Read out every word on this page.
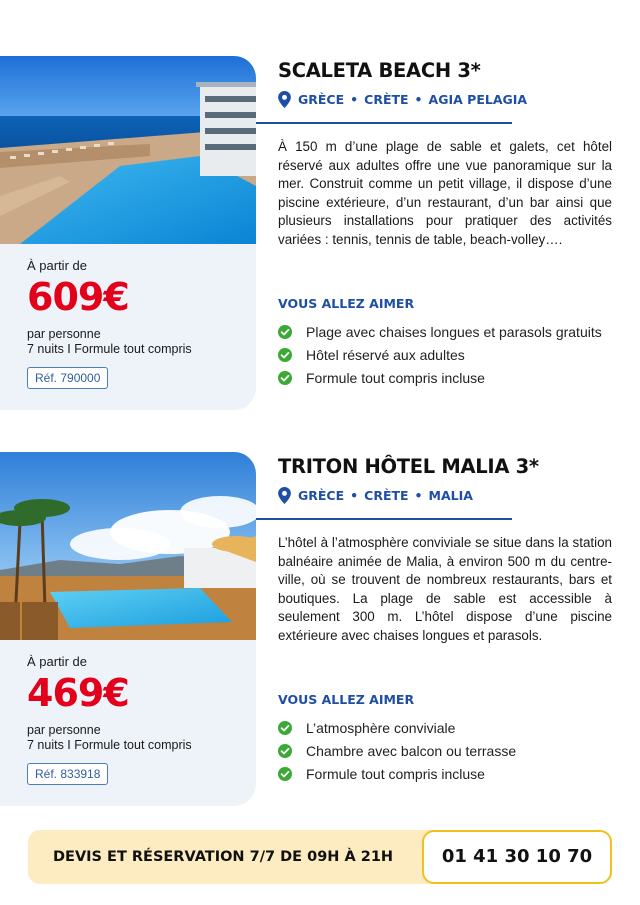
À partir de
609€
par personne
7 nuits I Formule tout compris
Réf. 790000
SCALETA BEACH 3*
GRÈCE • CRÈTE • AGIA PELAGIA
À 150 m d’une plage de sable et galets, cet hôtel réservé aux adultes offre une vue panoramique sur la mer. Construit comme un petit village, il dispose d’une piscine extérieure, d’un restaurant, d’un bar ainsi que plusieurs installations pour pratiquer des activités variées : tennis, tennis de table, beach-volley….
VOUS ALLEZ AIMER
Plage avec chaises longues et parasols gratuits
Hôtel réservé aux adultes
Formule tout compris incluse
À partir de
469€
par personne
7 nuits I Formule tout compris
Réf. 833918
TRITON HÔTEL MALIA 3*
GRÈCE • CRÈTE • MALIA
L’hôtel à l’atmosphère conviviale se situe dans la station balnéaire animée de Malia, à environ 500 m du centre-ville, où se trouvent de nombreux restaurants, bars et boutiques. La plage de sable est accessible à seulement 300 m. L’hôtel dispose d’une piscine extérieure avec chaises longues et parasols.
VOUS ALLEZ AIMER
L’atmosphère conviviale
Chambre avec balcon ou terrasse
Formule tout compris incluse
DEVIS ET RÉSERVATION 7/7 DE 09H À 21H	01 41 30 10 70
